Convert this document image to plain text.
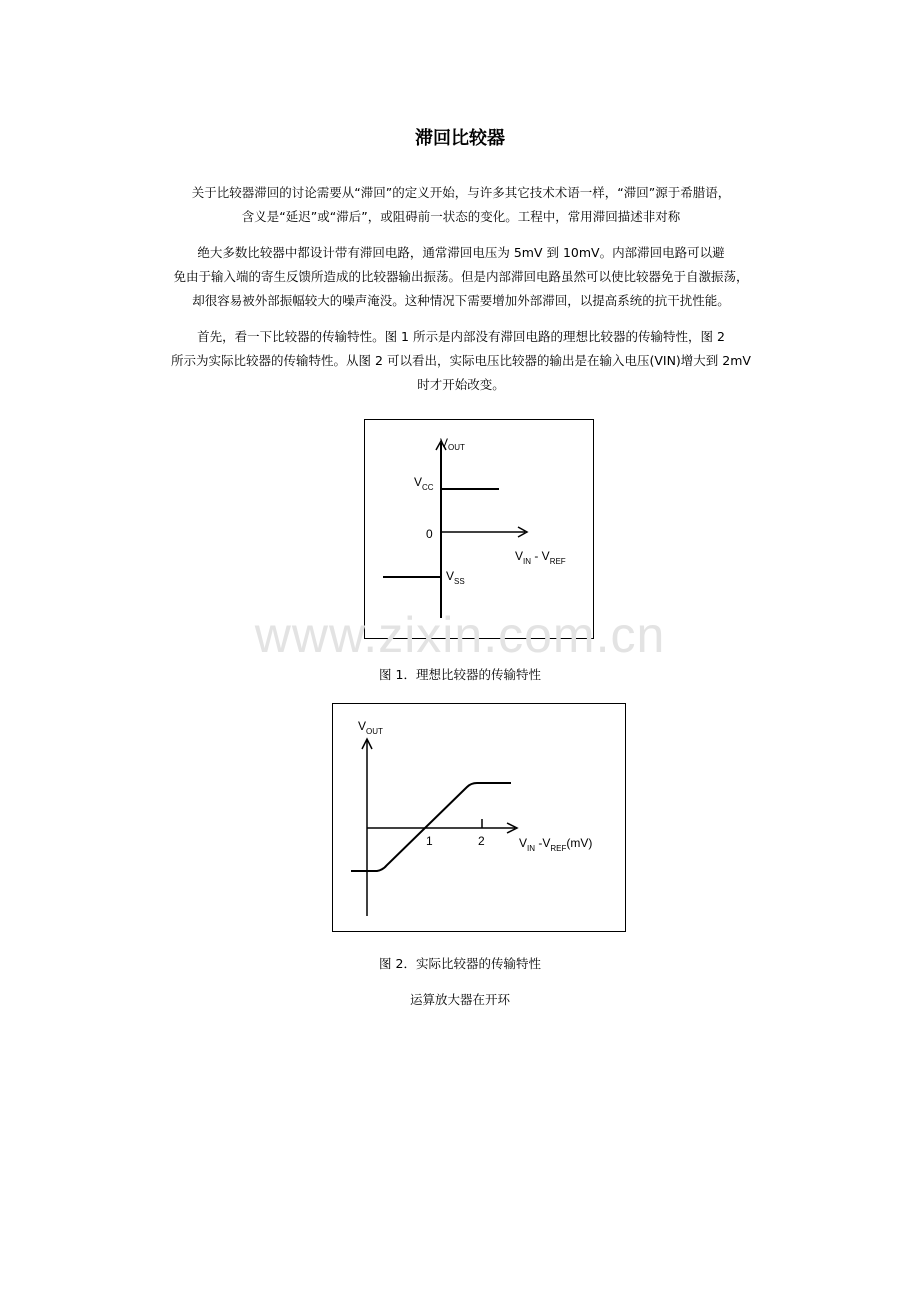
滞回比较器
关于比较器滞回的讨论需要从“滞回”的定义开始，与许多其它技术术语一样，“滞回”源于希腊语，
含义是“延迟”或“滞后”，或阻碍前一状态的变化。工程中，常用滞回描述非对称
绝大多数比较器中都设计带有滞回电路，通常滞回电压为 5mV 到 10mV。内部滞回电路可以避
免由于输入端的寄生反馈所造成的比较器输出振荡。但是内部滞回电路虽然可以使比较器免于自激振荡，
却很容易被外部振幅较大的噪声淹没。这种情况下需要增加外部滞回，以提高系统的抗干扰性能。
首先，看一下比较器的传输特性。图 1 所示是内部没有滞回电路的理想比较器的传输特性，图 2
所示为实际比较器的传输特性。从图 2 可以看出，实际电压比较器的输出是在输入电压(VIN)增大到 2mV
时才开始改变。
$V_{OUT}$
$V_{CC}$
0
$V_{SS}$
$V_{IN} - V_{REF}$
图 1．理想比较器的传输特性
www.zixin.com.cn
$V_{OUT}$
1	2	$V_{IN}$ $-V_{REF}(mV)$
图 2．实际比较器的传输特性
运算放大器在开环
